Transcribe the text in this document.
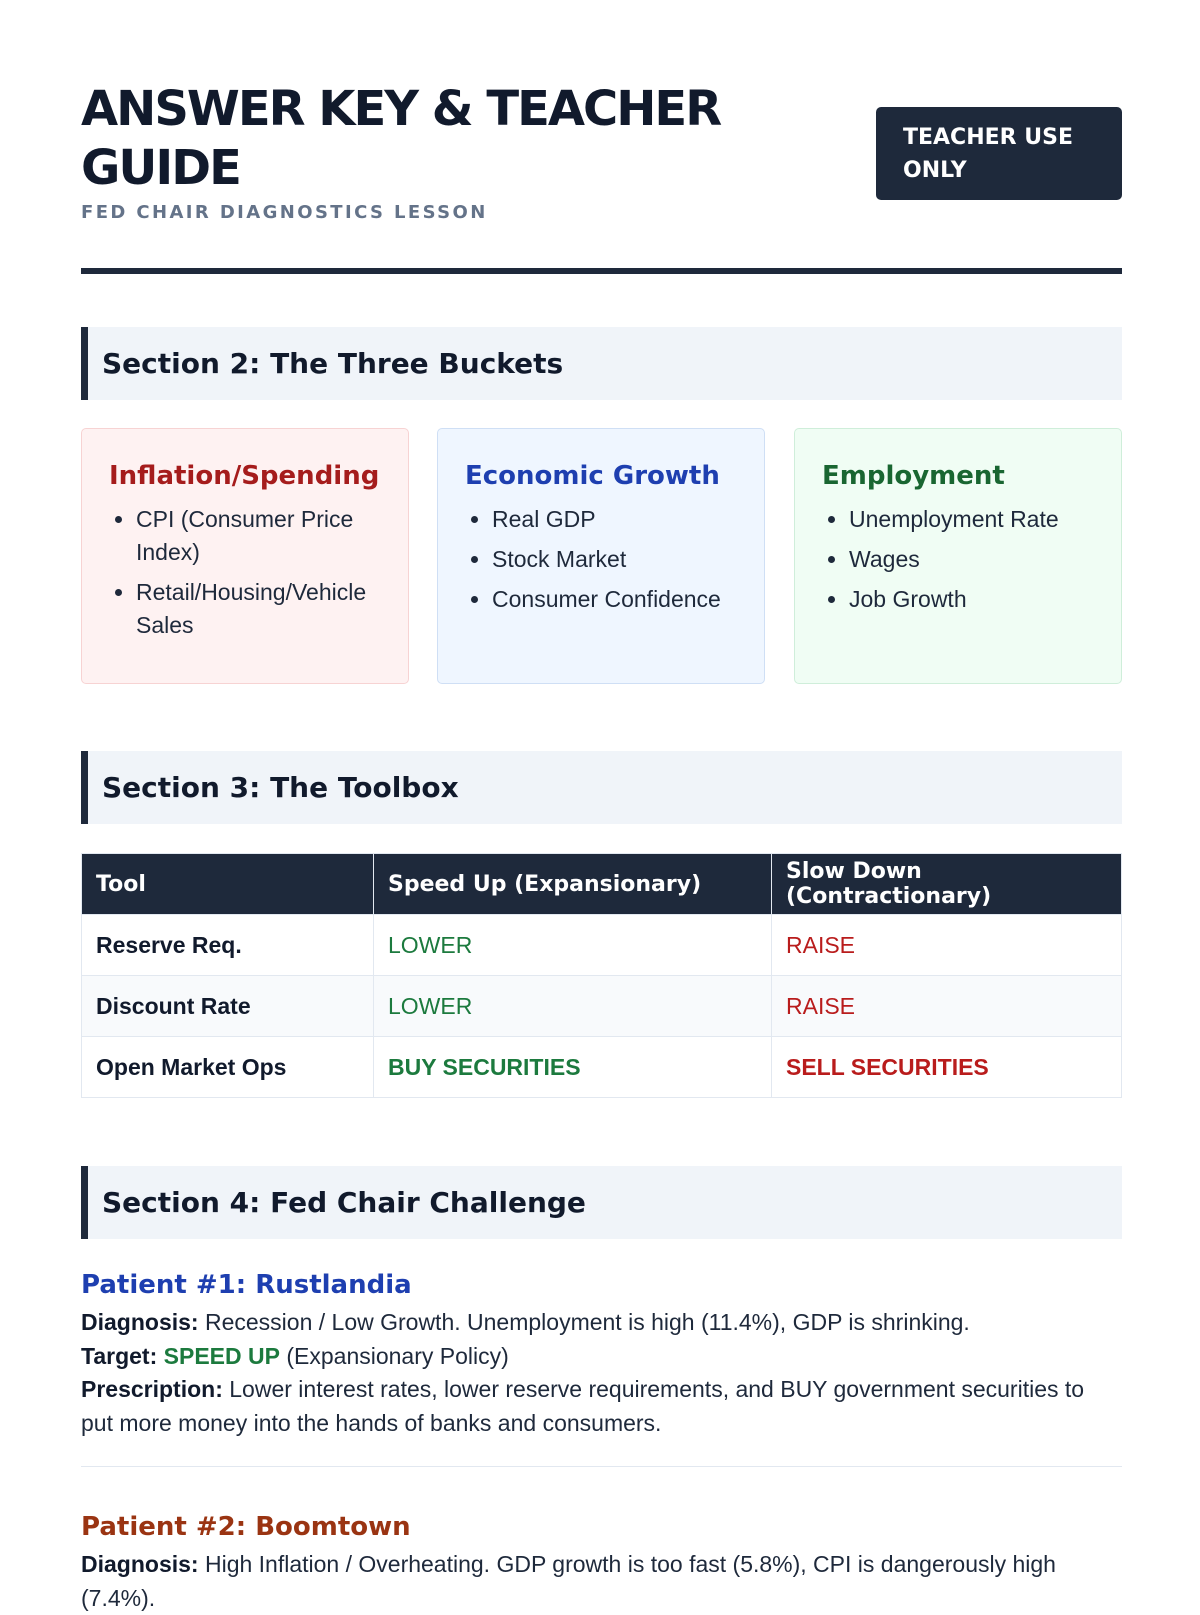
ANSWER KEY & TEACHER GUIDE
FED CHAIR DIAGNOSTICS LESSON
TEACHER USE ONLY
Section 2: The Three Buckets
Inflation/Spending
• CPI (Consumer Price Index)
• Retail/Housing/Vehicle Sales
Economic Growth
• Real GDP
• Stock Market
• Consumer Confidence
Employment
• Unemployment Rate
• Wages
• Job Growth
Section 3: The Toolbox
Tool	Speed Up (Expansionary)	Slow Down (Contractionary)
Reserve Req.	LOWER	RAISE
Discount Rate	LOWER	RAISE
Open Market Ops	BUY SECURITIES	SELL SECURITIES
Section 4: Fed Chair Challenge
Patient #1: Rustlandia

Diagnosis: Recession / Low Growth. Unemployment is high (11.4%), GDP is shrinking.

Target: SPEED UP (Expansionary Policy)

Prescription: Lower interest rates, lower reserve requirements, and BUY government securities to put more money into the hands of banks and consumers.

Patient #2: Boomtown

Diagnosis: High Inflation / Overheating. GDP growth is too fast (5.8%), CPI is dangerously high (7.4%).
